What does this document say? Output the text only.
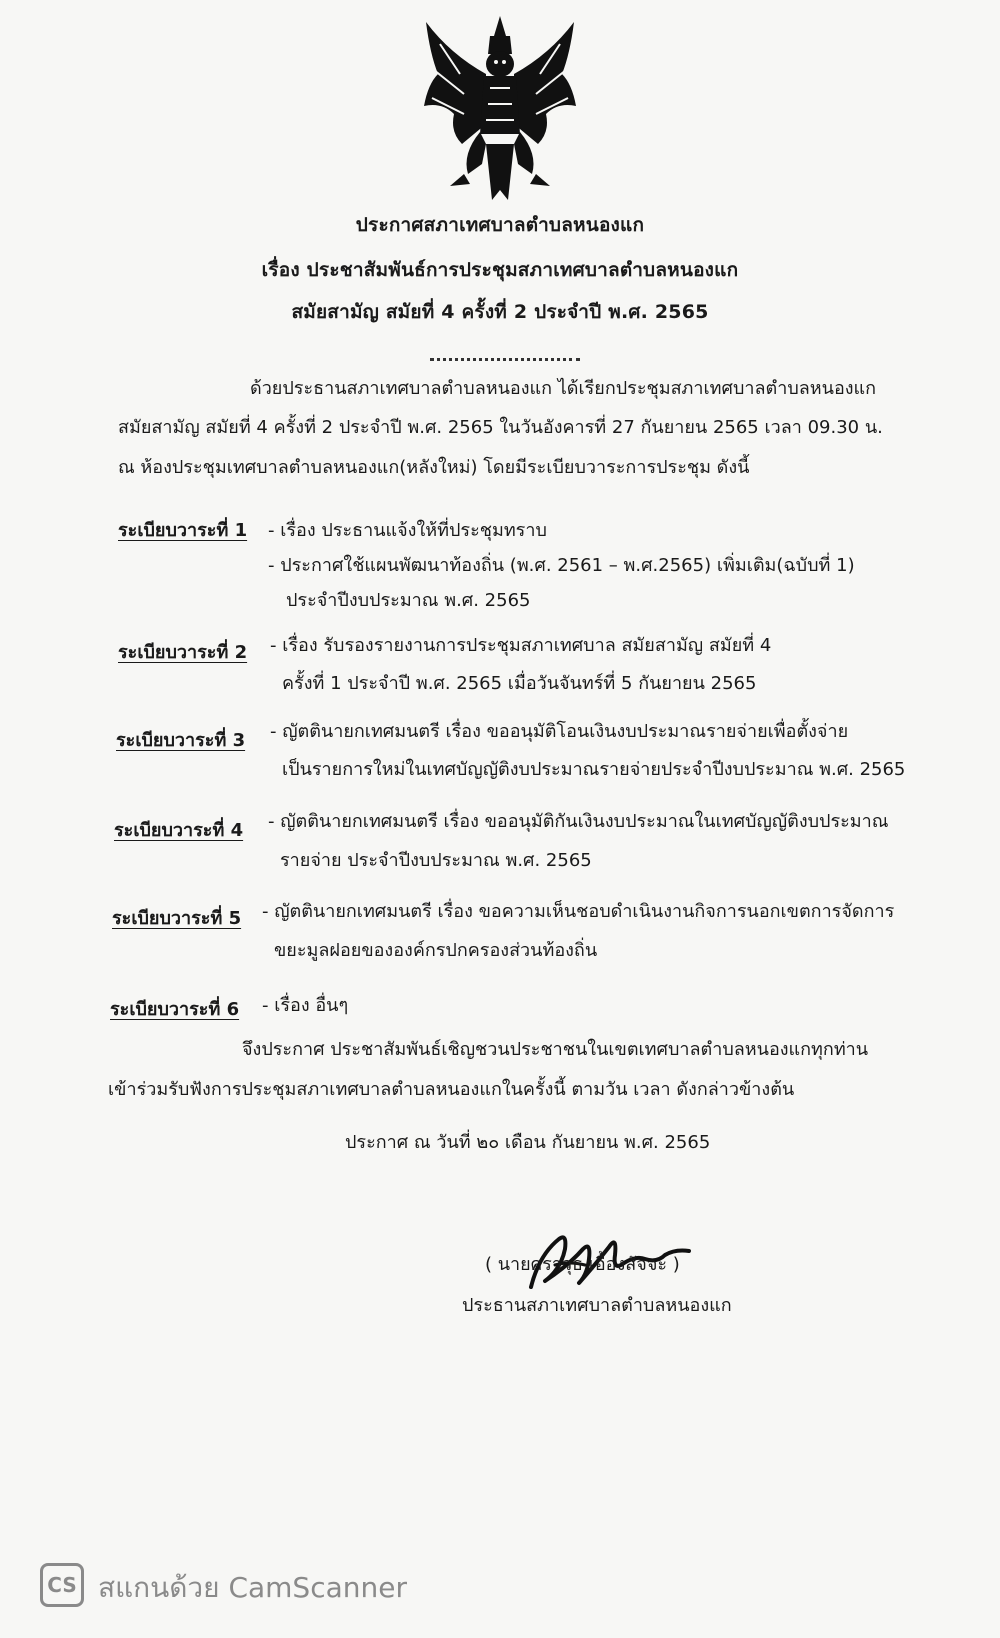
ประกาศสภาเทศบาลตำบลหนองแก
เรื่อง ประชาสัมพันธ์การประชุมสภาเทศบาลตำบลหนองแก
สมัยสามัญ สมัยที่ 4 ครั้งที่ 2 ประจำปี พ.ศ. 2565
ด้วยประธานสภาเทศบาลตำบลหนองแก ได้เรียกประชุมสภาเทศบาลตำบลหนองแก
สมัยสามัญ สมัยที่ 4 ครั้งที่ 2 ประจำปี พ.ศ. 2565 ในวันอังคารที่ 27 กันยายน 2565 เวลา 09.30 น.
ณ ห้องประชุมเทศบาลตำบลหนองแก(หลังใหม่) โดยมีระเบียบวาระการประชุม ดังนี้
ระเบียบวาระที่ 1 - เรื่อง ประธานแจ้งให้ที่ประชุมทราบ
- ประกาศใช้แผนพัฒนาท้องถิ่น (พ.ศ. 2561 – พ.ศ.2565) เพิ่มเติม(ฉบับที่ 1)
ประจำปีงบประมาณ พ.ศ. 2565
ระเบียบวาระที่ 2 - เรื่อง รับรองรายงานการประชุมสภาเทศบาล สมัยสามัญ สมัยที่ 4
ครั้งที่ 1 ประจำปี พ.ศ. 2565 เมื่อวันจันทร์ที่ 5 กันยายน 2565
ระเบียบวาระที่ 3 - ญัตตินายกเทศมนตรี เรื่อง ขออนุมัติโอนเงินงบประมาณรายจ่ายเพื่อตั้งจ่าย
เป็นรายการใหม่ในเทศบัญญัติงบประมาณรายจ่ายประจำปีงบประมาณ พ.ศ. 2565
ระเบียบวาระที่ 4 - ญัตตินายกเทศมนตรี เรื่อง ขออนุมัติกันเงินงบประมาณในเทศบัญญัติงบประมาณ
รายจ่าย ประจำปีงบประมาณ พ.ศ. 2565
ระเบียบวาระที่ 5 - ญัตตินายกเทศมนตรี เรื่อง ขอความเห็นชอบดำเนินงานกิจการนอกเขตการจัดการ
ขยะมูลฝอยขององค์กรปกครองส่วนท้องถิ่น
ระเบียบวาระที่ 6 - เรื่อง อื่นๆ
จึงประกาศ ประชาสัมพันธ์เชิญชวนประชาชนในเขตเทศบาลตำบลหนองแกทุกท่าน
เข้าร่วมรับฟังการประชุมสภาเทศบาลตำบลหนองแกในครั้งนี้ ตามวัน เวลา ดังกล่าวข้างต้น
ประกาศ ณ วันที่ ๒๐ เดือน กันยายน พ.ศ. 2565
( นายศราวุธ เอื้องสัจจะ )
ประธานสภาเทศบาลตำบลหนองแก
CS สแกนด้วย CamScanner
